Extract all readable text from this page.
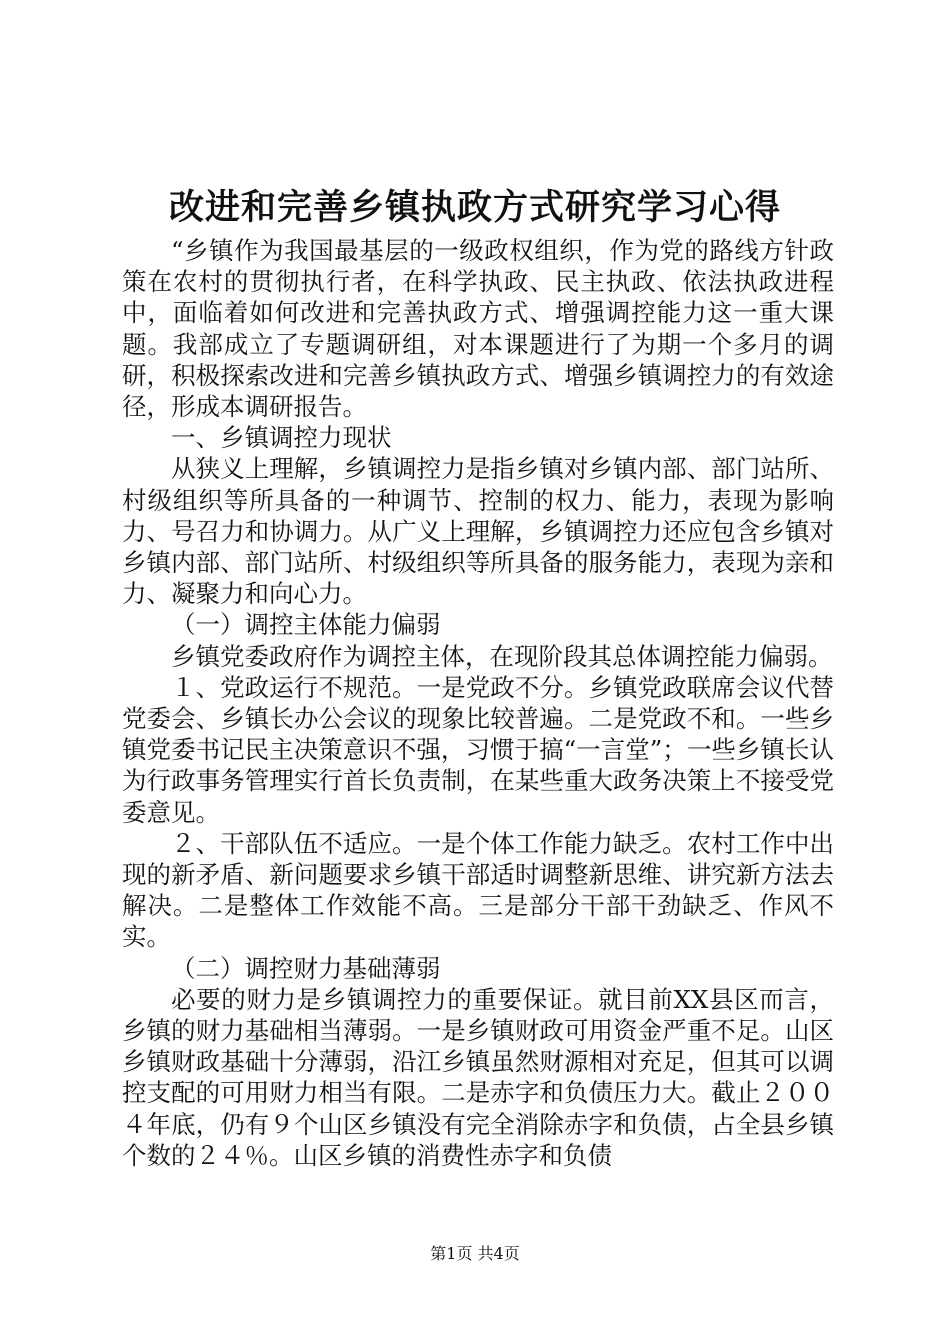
改进和完善乡镇执政方式研究学习心得

“乡镇作为我国最基层的一级政权组织，作为党的路线方针政策在农村的贯彻执行者，在科学执政、民主执政、依法执政进程中，面临着如何改进和完善执政方式、增强调控能力这一重大课题。我部成立了专题调研组，对本课题进行了为期一个多月的调研，积极探索改进和完善乡镇执政方式、增强乡镇调控力的有效途径，形成本调研报告。

一、乡镇调控力现状

从狭义上理解，乡镇调控力是指乡镇对乡镇内部、部门站所、村级组织等所具备的一种调节、控制的权力、能力，表现为影响力、号召力和协调力。从广义上理解，乡镇调控力还应包含乡镇对乡镇内部、部门站所、村级组织等所具备的服务能力，表现为亲和力、凝聚力和向心力。

（一）调控主体能力偏弱

乡镇党委政府作为调控主体，在现阶段其总体调控能力偏弱。

１、党政运行不规范。一是党政不分。乡镇党政联席会议代替党委会、乡镇长办公会议的现象比较普遍。二是党政不和。一些乡镇党委书记民主决策意识不强，习惯于搞“一言堂”；一些乡镇长认为行政事务管理实行首长负责制，在某些重大政务决策上不接受党委意见。

２、干部队伍不适应。一是个体工作能力缺乏。农村工作中出现的新矛盾、新问题要求乡镇干部适时调整新思维、讲究新方法去解决。二是整体工作效能不高。三是部分干部干劲缺乏、作风不实。

（二）调控财力基础薄弱

必要的财力是乡镇调控力的重要保证。就目前XX县区而言，乡镇的财力基础相当薄弱。一是乡镇财政可用资金严重不足。山区乡镇财政基础十分薄弱，沿江乡镇虽然财源相对充足，但其可以调控支配的可用财力相当有限。二是赤字和负债压力大。截止２００４年底，仍有９个山区乡镇没有完全消除赤字和负债，占全县乡镇个数的２４％。山区乡镇的消费性赤字和负债

第1页 共4页
